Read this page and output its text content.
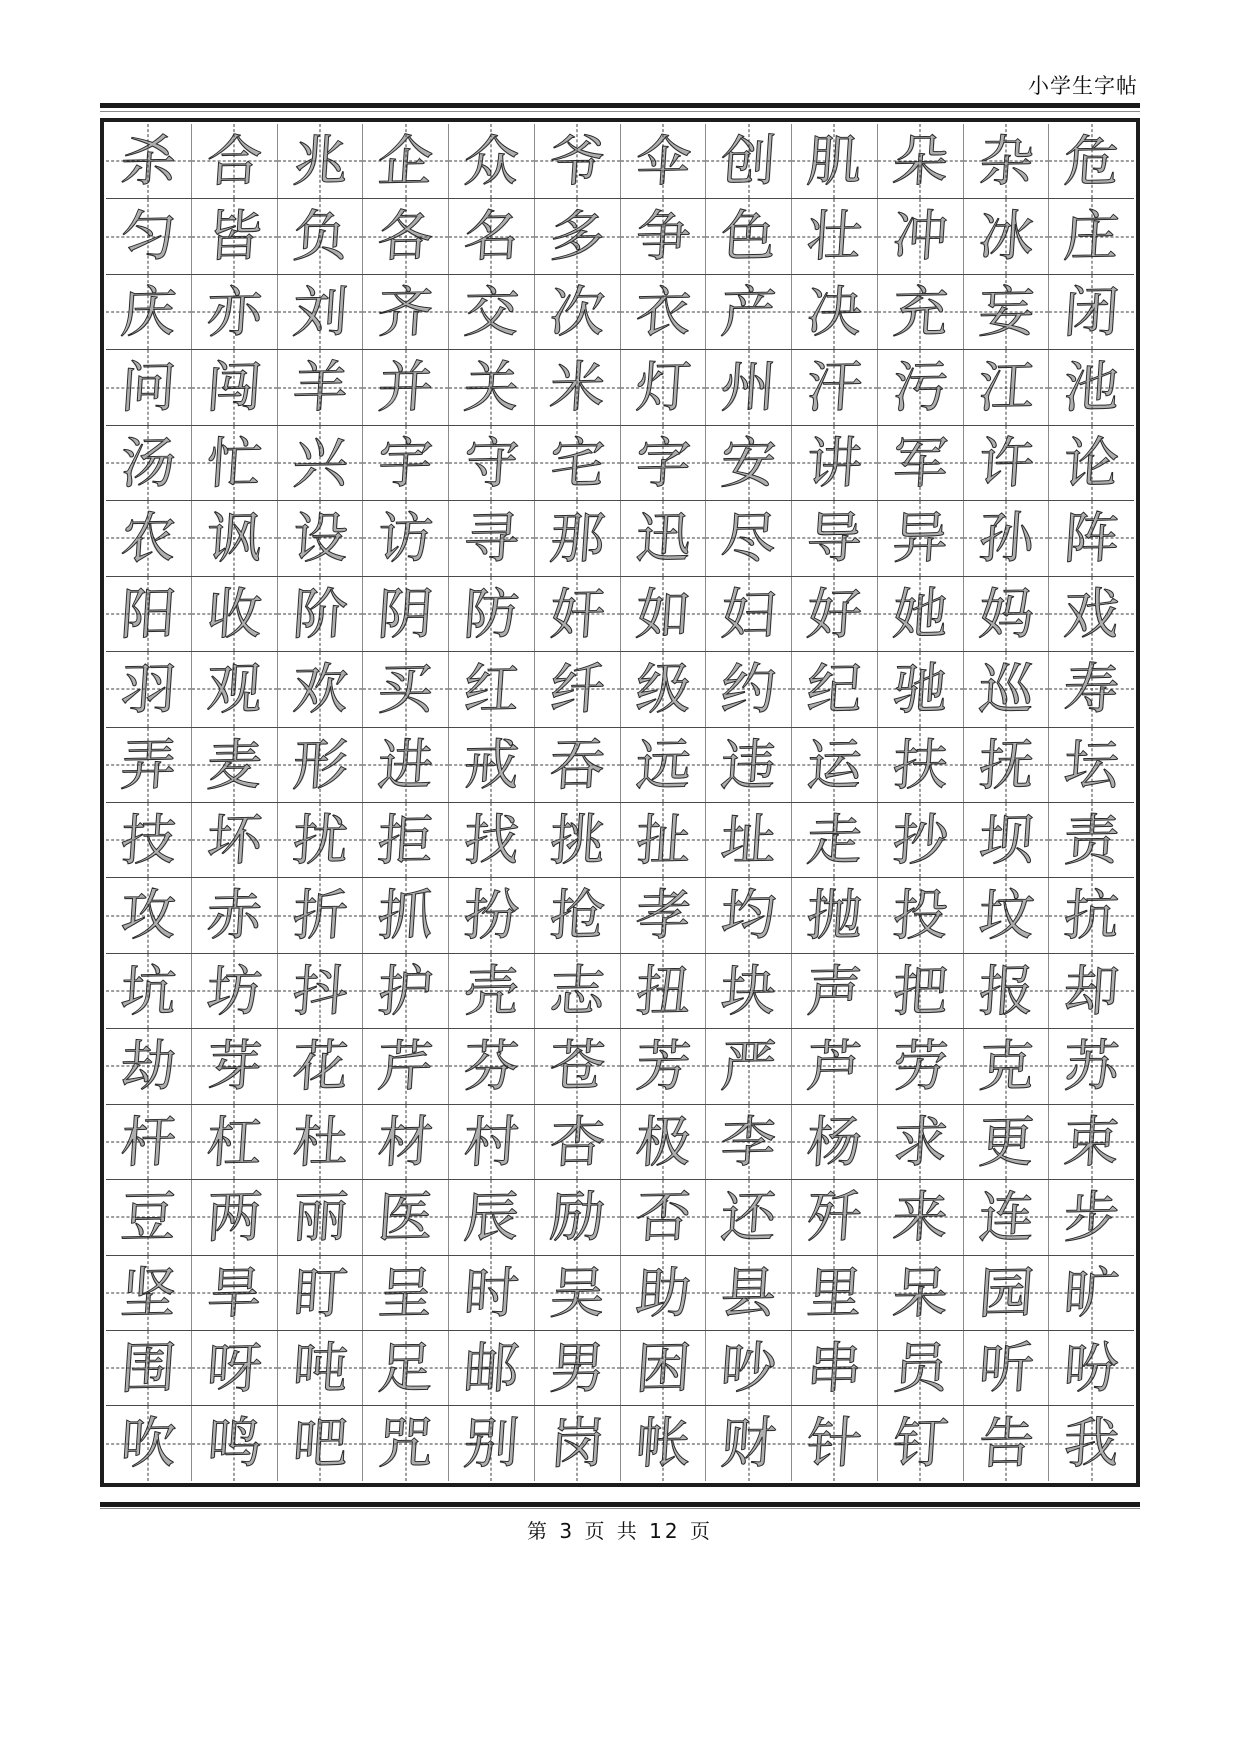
小学生字帖
杀 合 兆 企 众 爷 伞 创 肌 朵 杂 危
匀 皆 负 各 名 多 争 色 壮 冲 冰 庄
庆 亦 刘 齐 交 次 衣 产 决 充 妄 闭
问 闯 羊 并 关 米 灯 州 汗 污 江 池
汤 忙 兴 宇 守 宅 字 安 讲 军 许 论
农 讽 设 访 寻 那 迅 尽 导 异 孙 阵
阳 收 阶 阴 防 奸 如 妇 好 她 妈 戏
羽 观 欢 买 红 纤 级 约 纪 驰 巡 寿
弄 麦 形 进 戒 吞 远 违 运 扶 抚 坛
技 坏 扰 拒 找 挑 扯 址 走 抄 坝 责
攻 赤 折 抓 扮 抢 孝 均 抛 投 坟 抗
坑 坊 抖 护 壳 志 扭 块 声 把 报 却
劫 芽 花 芹 芬 苍 芳 严 芦 劳 克 苏
杆 杠 杜 材 村 杏 极 李 杨 求 更 束
豆 两 丽 医 辰 励 否 还 歼 来 连 步
坚 旱 盯 呈 时 吴 助 县 里 呆 园 旷
围 呀 吨 足 邮 男 困 吵 串 员 听 吩
吹 鸣 吧 咒 别 岗 帐 财 针 钉 告 我
第 3 页 共 12 页
